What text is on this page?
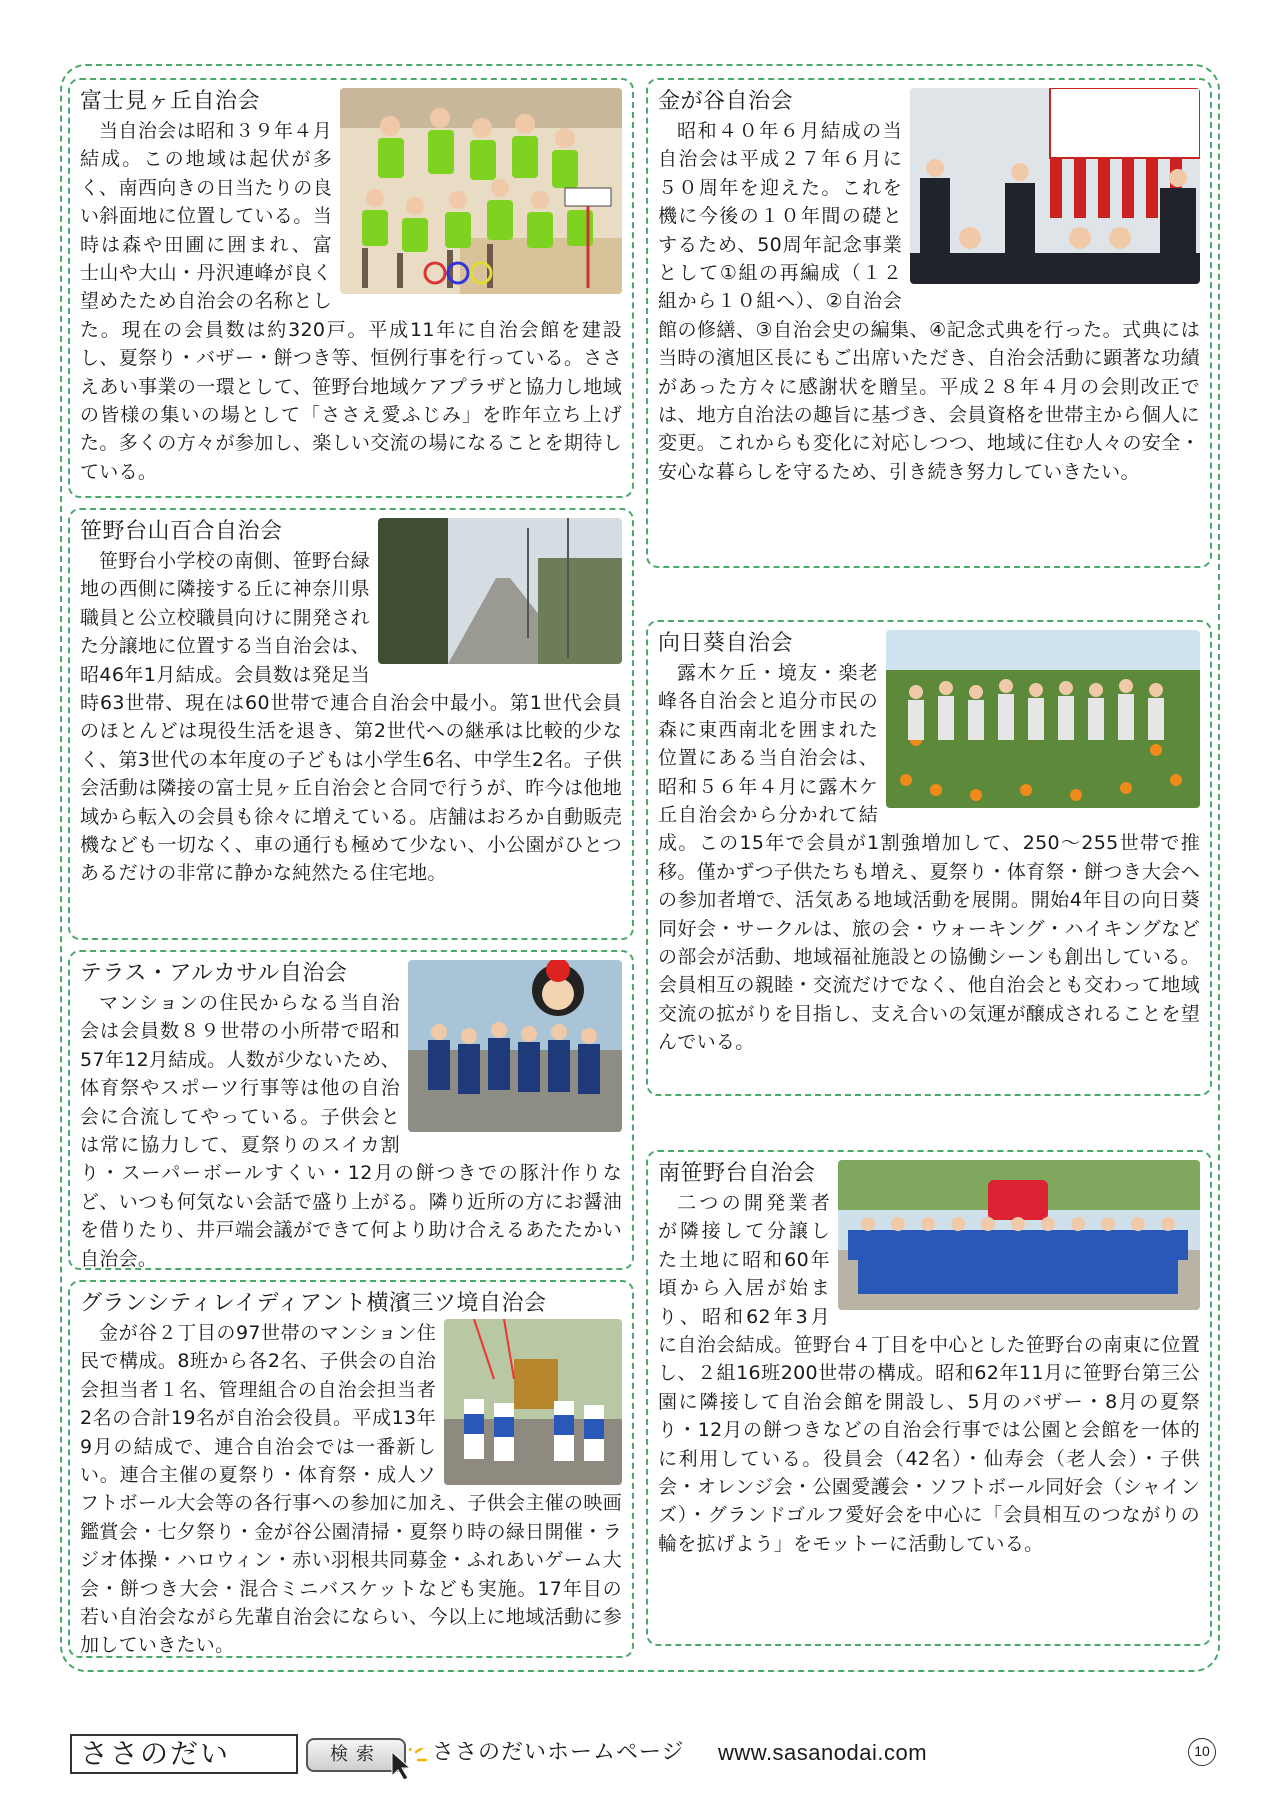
富士見ヶ丘自治会

当自治会は昭和３９年４月結成。この地域は起伏が多く、南西向きの日当たりの良い斜面地に位置している。当時は森や田圃に囲まれ、富士山や大山・丹沢連峰が良く望めたため自治会の名称とした。現在の会員数は約320戸。平成11年に自治会館を建設し、夏祭り・バザー・餅つき等、恒例行事を行っている。ささえあい事業の一環として、笹野台地域ケアプラザと協力し地域の皆様の集いの場として「ささえ愛ふじみ」を昨年立ち上げた。多くの方々が参加し、楽しい交流の場になることを期待している。

金が谷自治会

昭和４０年６月結成の当自治会は平成２７年６月に５０周年を迎えた。これを機に今後の１０年間の礎とするため、50周年記念事業として①組の再編成（１２組から１０組へ）、②自治会館の修繕、③自治会史の編集、④記念式典を行った。式典には当時の濱旭区長にもご出席いただき、自治会活動に顕著な功績があった方々に感謝状を贈呈。平成２８年４月の会則改正では、地方自治法の趣旨に基づき、会員資格を世帯主から個人に変更。これからも変化に対応しつつ、地域に住む人々の安全・安心な暮らしを守るため、引き続き努力していきたい。

笹野台山百合自治会

笹野台小学校の南側、笹野台緑地の西側に隣接する丘に神奈川県職員と公立校職員向けに開発された分譲地に位置する当自治会は、昭46年1月結成。会員数は発足当時63世帯、現在は60世帯で連合自治会中最小。第1世代会員のほとんどは現役生活を退き、第2世代への継承は比較的少なく、第3世代の本年度の子どもは小学生6名、中学生2名。子供会活動は隣接の富士見ヶ丘自治会と合同で行うが、昨今は他地域から転入の会員も徐々に増えている。店舗はおろか自動販売機なども一切なく、車の通行も極めて少ない、小公園がひとつあるだけの非常に静かな純然たる住宅地。

向日葵自治会

露木ケ丘・境友・楽老峰各自治会と追分市民の森に東西南北を囲まれた位置にある当自治会は、昭和５６年４月に露木ケ丘自治会から分かれて結成。この15年で会員が1割強増加して、250～255世帯で推移。僅かずつ子供たちも増え、夏祭り・体育祭・餅つき大会への参加者増で、活気ある地域活動を展開。開始4年目の向日葵同好会・サークルは、旅の会・ウォーキング・ハイキングなどの部会が活動、地域福祉施設との協働シーンも創出している。会員相互の親睦・交流だけでなく、他自治会とも交わって地域交流の拡がりを目指し、支え合いの気運が醸成されることを望んでいる。

テラス・アルカサル自治会

マンションの住民からなる当自治会は会員数８９世帯の小所帯で昭和57年12月結成。人数が少ないため、体育祭やスポーツ行事等は他の自治会に合流してやっている。子供会とは常に協力して、夏祭りのスイカ割り・スーパーボールすくい・12月の餅つきでの豚汁作りなど、いつも何気ない会話で盛り上がる。隣り近所の方にお醤油を借りたり、井戸端会議ができて何より助け合えるあたたかい自治会。

南笹野台自治会

二つの開発業者が隣接して分譲した土地に昭和60年頃から入居が始まり、昭和62年3月に自治会結成。笹野台４丁目を中心とした笹野台の南東に位置し、２組16班200世帯の構成。昭和62年11月に笹野台第三公園に隣接して自治会館を開設し、5月のバザー・8月の夏祭り・12月の餅つきなどの自治会行事では公園と会館を一体的に利用している。役員会（42名）・仙寿会（老人会）・子供会・オレンジ会・公園愛護会・ソフトボール同好会（シャインズ）・グランドゴルフ愛好会を中心に「会員相互のつながりの輪を拡げよう」をモットーに活動している。

グランシティレイディアント横濱三ツ境自治会

金が谷２丁目の97世帯のマンション住民で構成。8班から各2名、子供会の自治会担当者１名、管理組合の自治会担当者2名の合計19名が自治会役員。平成13年9月の結成で、連合自治会では一番新しい。連合主催の夏祭り・体育祭・成人ソフトボール大会等の各行事への参加に加え、子供会主催の映画鑑賞会・七夕祭り・金が谷公園清掃・夏祭り時の緑日開催・ラジオ体操・ハロウィン・赤い羽根共同募金・ふれあいゲーム大会・餅つき大会・混合ミニバスケットなども実施。17年目の若い自治会ながら先輩自治会にならい、今以上に地域活動に参加していきたい。

ささのだい	検索	ささのだいホームページ www.sasanodai.com	10
